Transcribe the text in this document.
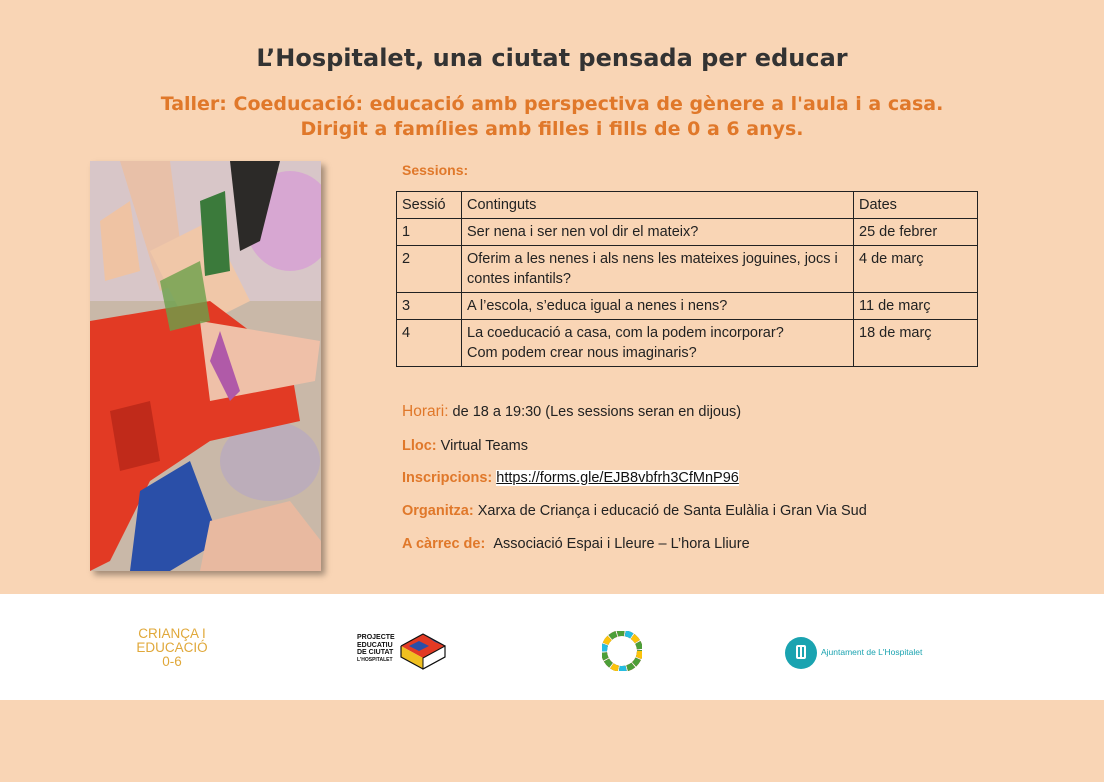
L’Hospitalet, una ciutat pensada per educar
Taller: Coeducació: educació amb perspectiva de gènere a l'aula i a casa.
Dirigit a famílies amb filles i fills de 0 a 6 anys.
Sessions:
Sessió	Continguts	Dates
1	Ser nena i ser nen vol dir el mateix?	25 de febrer
2	Oferim a les nenes i als nens les mateixes joguines, jocs i
contes infantils?	4 de març
3	A l’escola, s’educa igual a nenes i nens?	11 de març
4	La coeducació a casa, com la podem incorporar?
Com podem crear nous imaginaris?	18 de març
Horari: de 18 a 19:30 (Les sessions seran en dijous)
Lloc: Virtual Teams
Inscripcions: https://forms.gle/EJB8vbfrh3CfMnP96
Organitza: Xarxa de Criança i educació de Santa Eulàlia i Gran Via Sud
A càrrec de: Associació Espai i Lleure – L’hora Lliure
CRIANÇA I
EDUCACIÓ
0-6
PROJECTE
EDUCATIU
DE CIUTAT
L'HOSPITALET
Ajuntament de L'Hospitalet
